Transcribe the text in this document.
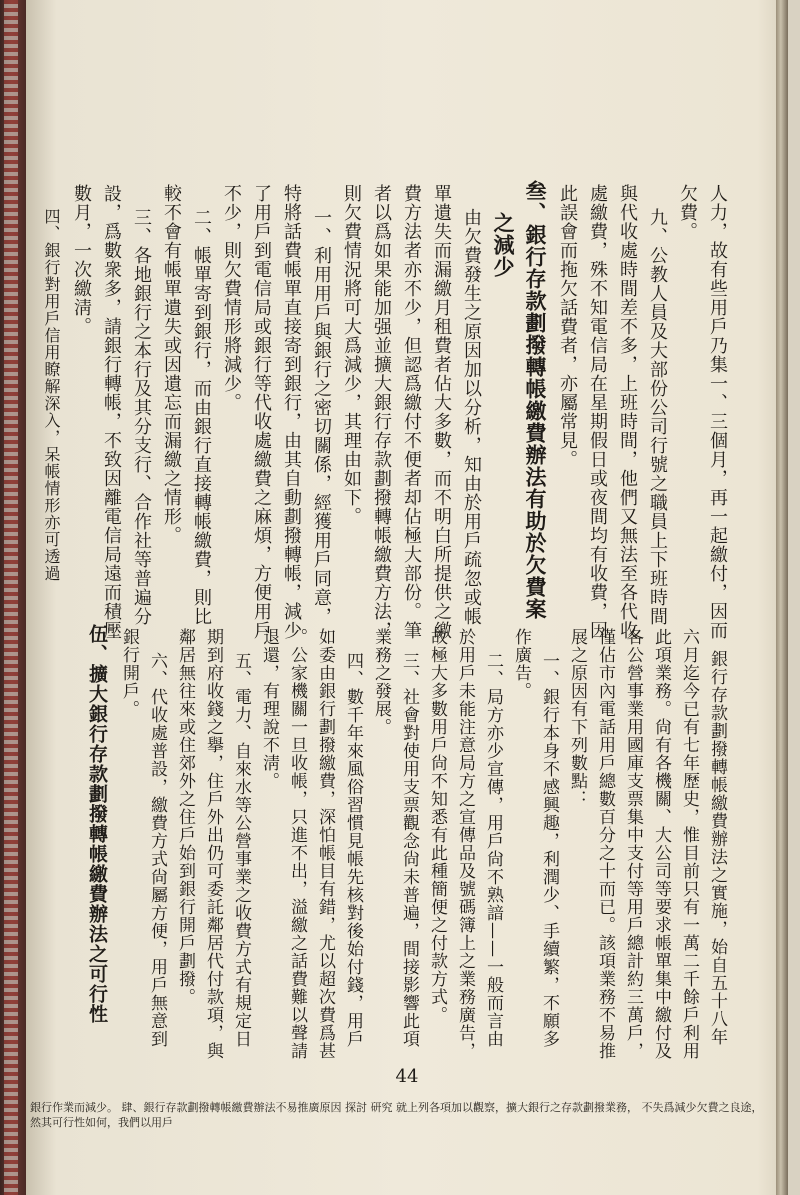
人力，故有些用戶乃集一、三個月，再一起繳付，因而
欠費。
九、公教人員及大部份公司行號之職員上下班時間
與代收處時間差不多，上班時間，他們又無法至各代收
處繳費，殊不知電信局在星期假日或夜間均有收費，因
此誤會而拖欠話費者，亦屬常見。
叁、銀行存款劃撥轉帳繳費辦法有助於欠費案
之減少
由欠費發生之原因加以分析，知由於用戶疏忽或帳
單遺失而漏繳月租費者佔大多數，而不明白所提供之繳
費方法者亦不少，但認爲繳付不便者却佔極大部份。筆
者以爲如果能加强並擴大銀行存款劃撥轉帳繳費方法，
則欠費情況將可大爲減少，其理由如下。
一、利用用戶與銀行之密切關係，經獲用戶同意，
特將話費帳單直接寄到銀行，由其自動劃撥轉帳，減少
了用戶到電信局或銀行等代收處繳費之麻煩，方便用戶
不少，則欠費情形將減少。
二、帳單寄到銀行，而由銀行直接轉帳繳費，則比
較不會有帳單遺失或因遺忘而漏繳之情形。
三、各地銀行之本行及其分支行、合作社等普遍分
設，爲數衆多，請銀行轉帳，不致因離電信局遠而積壓
數月，一次繳淸。
四、銀行對用戶信用瞭解深入，呆帳情形亦可透過
銀行存款劃撥轉帳繳費辦法之實施，始自五十八年
六月迄今已有七年歷史，惟目前只有一萬二千餘戶利用
此項業務。尙有各機關、大公司等要求帳單集中繳付及
各公營事業用國庫支票集中支付等用戶總計約三萬戶，
僅佔市內電話用戶總數百分之十而已。該項業務不易推
展之原因有下列數點：
一、銀行本身不感興趣，利潤少、手續繁，不願多
作廣告。
二、局方亦少宣傳，用戶尙不熟諳——一般而言由
於用戶未能注意局方之宣傳品及號碼簿上之業務廣告，
故極大多數用戶尙不知悉有此種簡便之付款方式。
三、社會對使用支票觀念尙未普遍，間接影響此項
業務之發展。
四、數千年來風俗習慣見帳先核對後始付錢，用戶
如委由銀行劃撥繳費，深怕帳目有錯，尤以超次費爲甚
。公家機關一旦收帳，只進不出，溢繳之話費難以聲請
退還，有理說不淸。
五、電力、自來水等公營事業之收費方式有規定日
期到府收錢之擧，住戶外出仍可委託鄰居代付款項，與
鄰居無往來或住郊外之住戶始到銀行開戶劃撥。
六、代收處普設，繳費方式尙屬方便，用戶無意到
銀行開戶。
伍、擴大銀行存款劃撥轉帳繳費辦法之可行性
44
銀行作業而減少。 肆、銀行存款劃撥轉帳繳費辦法不易推廣原因 探討 研究 就上列各項加以觀察，擴大銀行之存款劃撥業務， 不失爲減少欠費之良途，然其可行性如何，我們以用戶
